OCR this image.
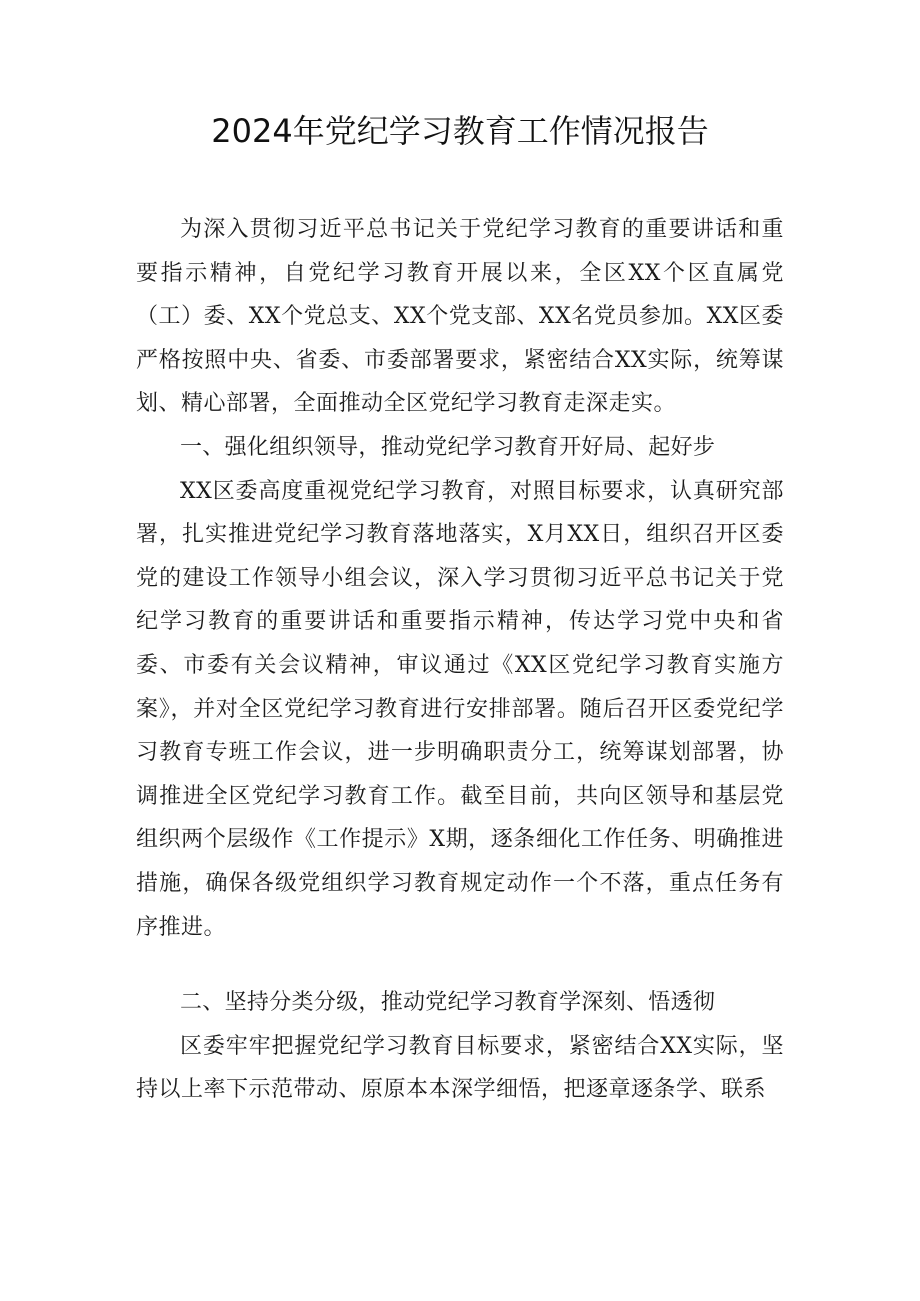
2024年党纪学习教育工作情况报告

为深入贯彻习近平总书记关于党纪学习教育的重要讲话和重要指示精神，自党纪学习教育开展以来，全区XX个区直属党（工）委、XX个党总支、XX个党支部、XX名党员参加。XX区委严格按照中央、省委、市委部署要求，紧密结合XX实际，统筹谋划、精心部署，全面推动全区党纪学习教育走深走实。

一、强化组织领导，推动党纪学习教育开好局、起好步

XX区委高度重视党纪学习教育，对照目标要求，认真研究部署，扎实推进党纪学习教育落地落实，X月XX日，组织召开区委党的建设工作领导小组会议，深入学习贯彻习近平总书记关于党纪学习教育的重要讲话和重要指示精神，传达学习党中央和省委、市委有关会议精神，审议通过《XX区党纪学习教育实施方案》，并对全区党纪学习教育进行安排部署。随后召开区委党纪学习教育专班工作会议，进一步明确职责分工，统筹谋划部署，协调推进全区党纪学习教育工作。截至目前，共向区领导和基层党组织两个层级作《工作提示》X期，逐条细化工作任务、明确推进措施，确保各级党组织学习教育规定动作一个不落，重点任务有序推进。

二、坚持分类分级，推动党纪学习教育学深刻、悟透彻

区委牢牢把握党纪学习教育目标要求，紧密结合XX实际，坚持以上率下示范带动、原原本本深学细悟，把逐章逐条学、联系
